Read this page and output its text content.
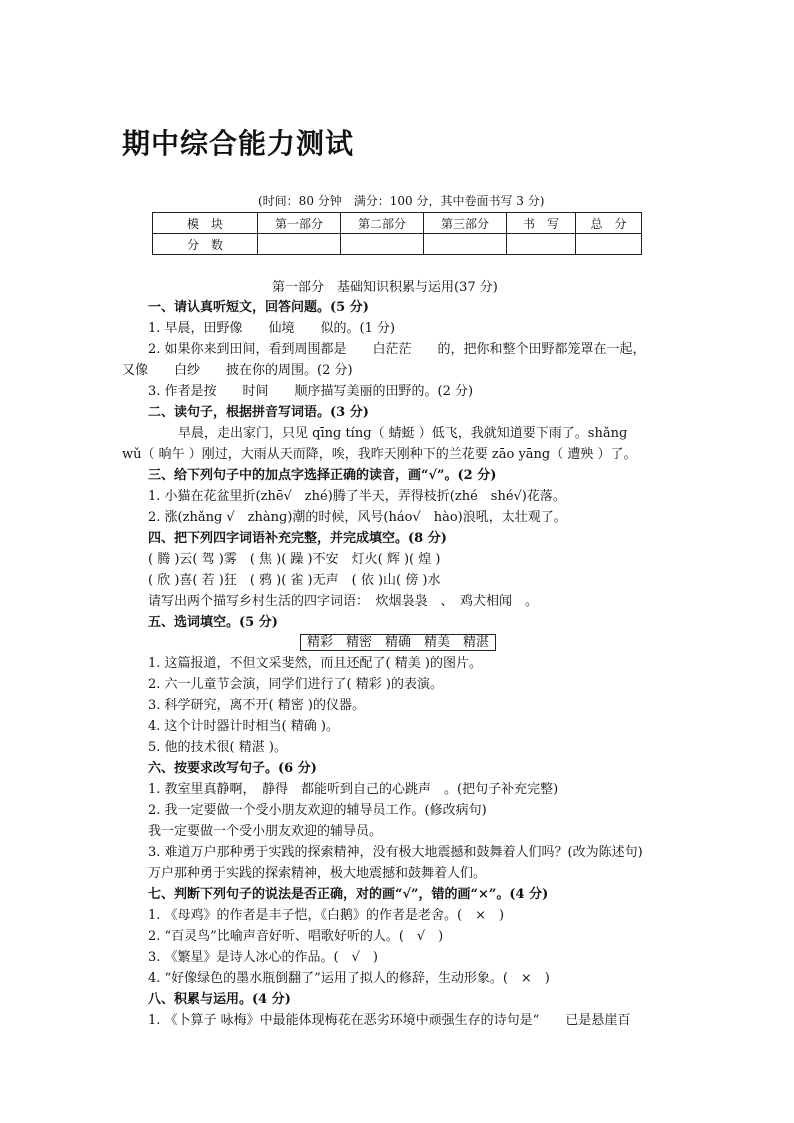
期中综合能力测试
(时间：80 分钟　满分：100 分，其中卷面书写 3 分)
模　块	第一部分	第二部分	第三部分	书　写	总　分
分　数					
第一部分　基础知识积累与运用(37 分)
一、请认真听短文，回答问题。(5 分)
1. 早晨，田野像　　仙境　　似的。(1 分)
2. 如果你来到田间，看到周围都是　　白茫茫　　的，把你和整个田野都笼罩在一起，
又像　　白纱　　披在你的周围。(2 分)
3. 作者是按　　时间　　顺序描写美丽的田野的。(2 分)
二、读句子，根据拼音写词语。(3 分)
早晨，走出家门，只见 qīnɡ tínɡ（ 蜻蜓 ）低飞，我就知道要下雨了。shǎnɡ
wǔ（ 晌午 ）刚过，大雨从天而降，唉，我昨天刚种下的兰花要 zāo yāng（ 遭殃 ）了。
三、给下列句子中的加点字选择正确的读音，画“√”。(2 分)
1. 小猫在花盆里折(zhē√　zhé)腾了半天，弄得枝折(zhé　shé√)花落。
2. 涨(zhǎnɡ √　zhànɡ)潮的时候，风号(háo√　hào)浪吼，太壮观了。
四、把下列四字词语补充完整，并完成填空。(8 分)
( 腾 )云( 驾 )雾　( 焦 )( 躁 )不安　灯火( 辉 )( 煌 )
( 欣 )喜( 若 )狂　( 鸦 )( 雀 )无声　( 依 )山( 傍 )水
请写出两个描写乡村生活的四字词语：　炊烟袅袅　、　鸡犬相闻　。
五、选词填空。(5 分)
精彩　精密　精确　精美　精湛
1. 这篇报道，不但文采斐然，而且还配了( 精美 )的图片。
2. 六一儿童节会演，同学们进行了( 精彩 )的表演。
3. 科学研究，离不开( 精密 )的仪器。
4. 这个计时器计时相当( 精确 )。
5. 他的技术很( 精湛 )。
六、按要求改写句子。(6 分)
1. 教室里真静啊，　静得　都能听到自己的心跳声　。(把句子补充完整)
2. 我一定要做一个受小朋友欢迎的辅导员工作。(修改病句)
我一定要做一个受小朋友欢迎的辅导员。
3. 难道万户那种勇于实践的探索精神，没有极大地震撼和鼓舞着人们吗？(改为陈述句)
万户那种勇于实践的探索精神，极大地震撼和鼓舞着人们。
七、判断下列句子的说法是否正确，对的画“√”，错的画“×”。(4 分)
1. 《母鸡》的作者是丰子恺，《白鹅》的作者是老舍。(　×　)
2. “百灵鸟”比喻声音好听、唱歌好听的人。(　√　)
3. 《繁星》是诗人冰心的作品。(　√　)
4. “好像绿色的墨水瓶倒翻了”运用了拟人的修辞，生动形象。(　×　)
八、积累与运用。(4 分)
1. 《卜算子 咏梅》中最能体现梅花在恶劣环境中顽强生存的诗句是“　　已是悬崖百
